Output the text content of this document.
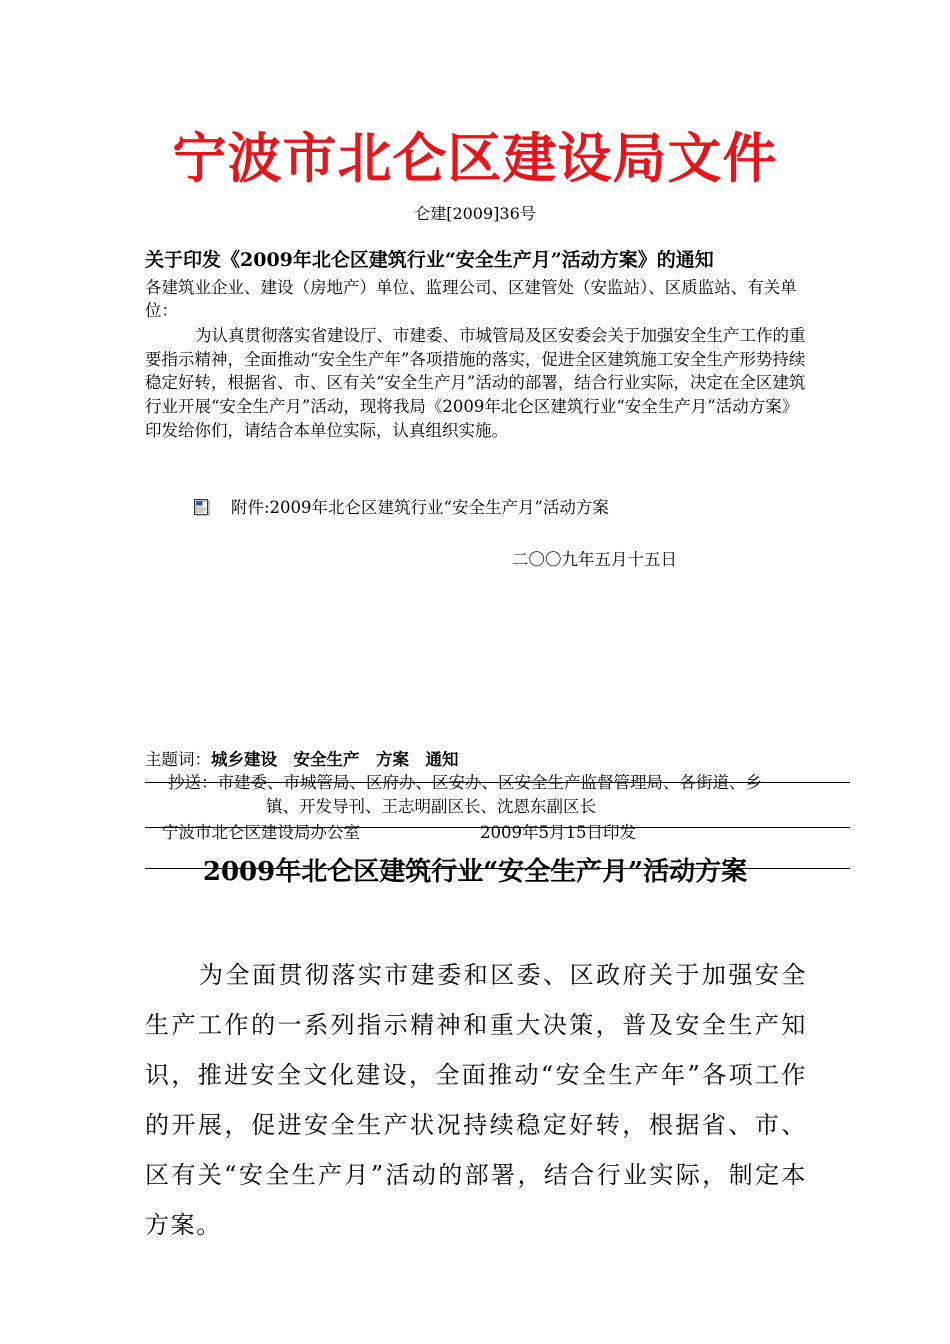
宁波市北仑区建设局文件
仑建[2009]36号
关于印发《2009年北仑区建筑行业“安全生产月”活动方案》的通知
各建筑业企业、建设（房地产）单位、监理公司、区建管处（安监站）、区质监站、有关单位：
为认真贯彻落实省建设厅、市建委、市城管局及区安委会关于加强安全生产工作的重要指示精神，全面推动“安全生产年”各项措施的落实，促进全区建筑施工安全生产形势持续稳定好转，根据省、市、区有关“安全生产月”活动的部署，结合行业实际，决定在全区建筑行业开展“安全生产月”活动，现将我局《2009年北仑区建筑行业“安全生产月”活动方案》印发给你们，请结合本单位实际，认真组织实施。
附件:2009年北仑区建筑行业“安全生产月”活动方案
二〇〇九年五月十五日
主题词：城乡建设　安全生产　方案　通知
抄送：市建委、市城管局、区府办、区安办、区安全生产监督管理局、各街道、乡
镇、开发导刊、王志明副区长、沈恩东副区长
宁波市北仑区建设局办公室	2009年5月15日印发
2009年北仑区建筑行业“安全生产月”活动方案
为全面贯彻落实市建委和区委、区政府关于加强安全生产工作的一系列指示精神和重大决策，普及安全生产知识，推进安全文化建设，全面推动“安全生产年”各项工作的开展，促进安全生产状况持续稳定好转，根据省、市、区有关“安全生产月”活动的部署，结合行业实际，制定本方案。
